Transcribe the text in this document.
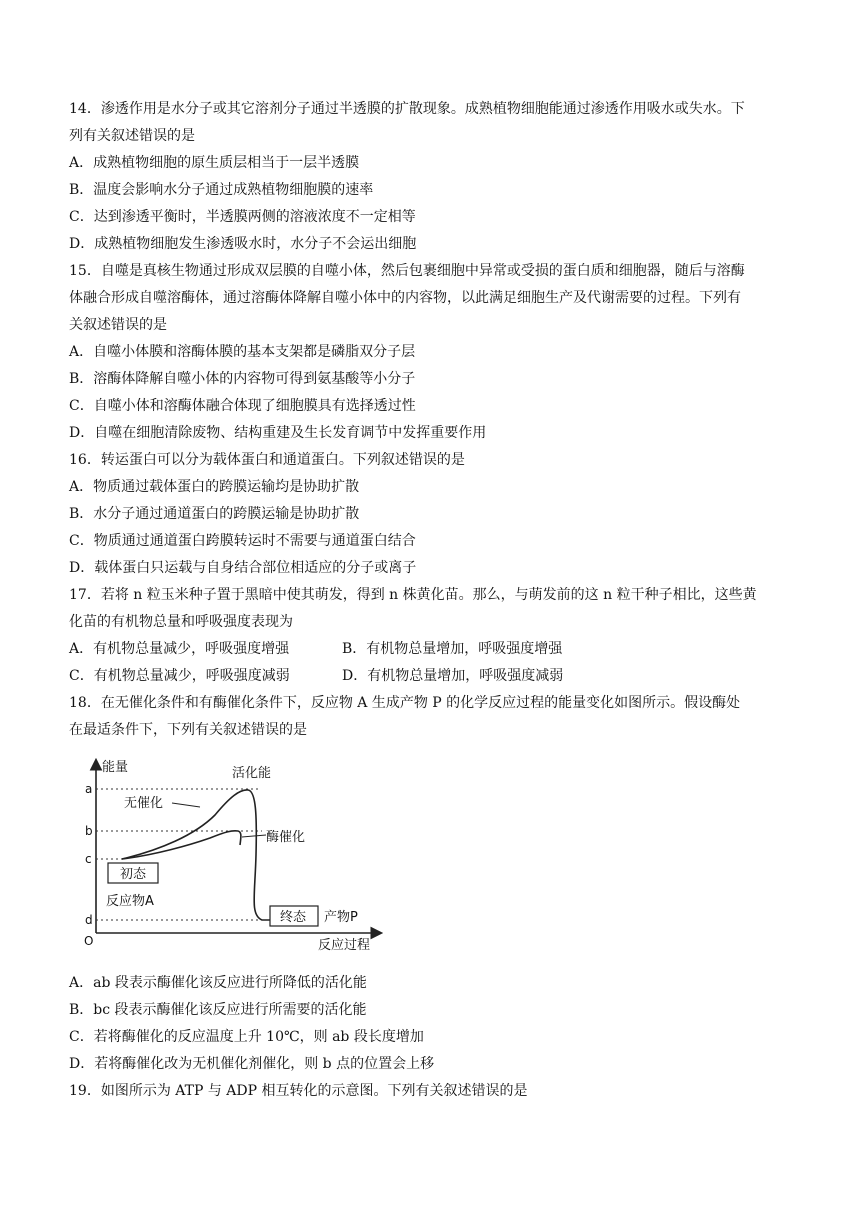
14．渗透作用是水分子或其它溶剂分子通过半透膜的扩散现象。成熟植物细胞能通过渗透作用吸水或失水。下
列有关叙述错误的是
A．成熟植物细胞的原生质层相当于一层半透膜
B．温度会影响水分子通过成熟植物细胞膜的速率
C．达到渗透平衡时，半透膜两侧的溶液浓度不一定相等
D．成熟植物细胞发生渗透吸水时，水分子不会运出细胞
15．自噬是真核生物通过形成双层膜的自噬小体，然后包裹细胞中异常或受损的蛋白质和细胞器，随后与溶酶
体融合形成自噬溶酶体，通过溶酶体降解自噬小体中的内容物，以此满足细胞生产及代谢需要的过程。下列有
关叙述错误的是
A．自噬小体膜和溶酶体膜的基本支架都是磷脂双分子层
B．溶酶体降解自噬小体的内容物可得到氨基酸等小分子
C．自噬小体和溶酶体融合体现了细胞膜具有选择透过性
D．自噬在细胞清除废物、结构重建及生长发育调节中发挥重要作用
16．转运蛋白可以分为载体蛋白和通道蛋白。下列叙述错误的是
A．物质通过载体蛋白的跨膜运输均是协助扩散
B．水分子通过通道蛋白的跨膜运输是协助扩散
C．物质通过通道蛋白跨膜转运时不需要与通道蛋白结合
D．载体蛋白只运载与自身结合部位相适应的分子或离子
17．若将 n 粒玉米种子置于黑暗中使其萌发，得到 n 株黄化苗。那么，与萌发前的这 n 粒干种子相比，这些黄
化苗的有机物总量和呼吸强度表现为
A．有机物总量减少，呼吸强度增强	B．有机物总量增加，呼吸强度增强
C．有机物总量减少，呼吸强度减弱	D．有机物总量增加，呼吸强度减弱
18．在无催化条件和有酶催化条件下，反应物 A 生成产物 P 的化学反应过程的能量变化如图所示。假设酶处
在最适条件下，下列有关叙述错误的是
能量
反应过程
O
a
b
c
d
活化能
无催化
酶催化
初态
反应物A
终态 产物P
A．ab 段表示酶催化该反应进行所降低的活化能
B．bc 段表示酶催化该反应进行所需要的活化能
C．若将酶催化的反应温度上升 10℃，则 ab 段长度增加
D．若将酶催化改为无机催化剂催化，则 b 点的位置会上移
19．如图所示为 ATP 与 ADP 相互转化的示意图。下列有关叙述错误的是
